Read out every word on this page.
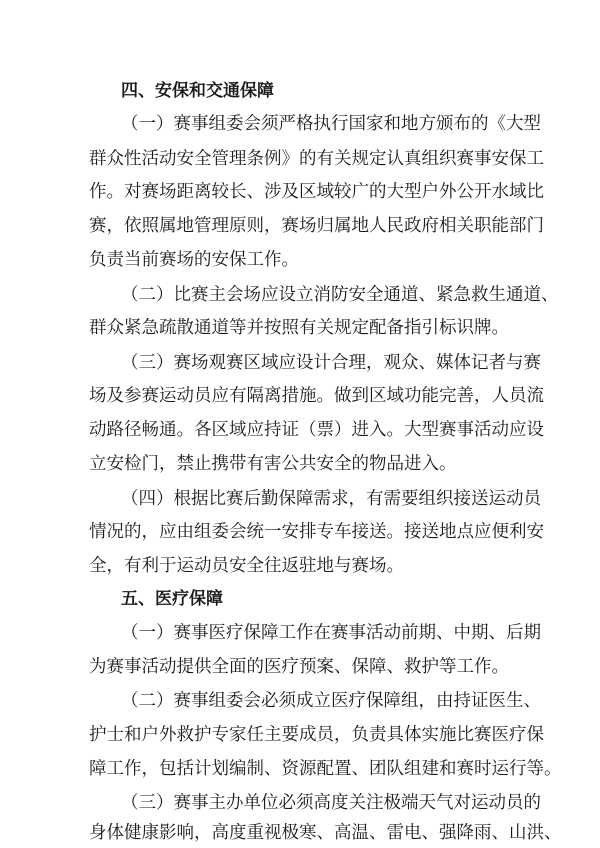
四、安保和交通保障
（一）赛事组委会须严格执行国家和地方颁布的《大型
群众性活动安全管理条例》的有关规定认真组织赛事安保工
作。对赛场距离较长、涉及区域较广的大型户外公开水域比
赛，依照属地管理原则，赛场归属地人民政府相关职能部门
负责当前赛场的安保工作。
（二）比赛主会场应设立消防安全通道、紧急救生通道、
群众紧急疏散通道等并按照有关规定配备指引标识牌。
（三）赛场观赛区域应设计合理，观众、媒体记者与赛
场及参赛运动员应有隔离措施。做到区域功能完善，人员流
动路径畅通。各区域应持证（票）进入。大型赛事活动应设
立安检门，禁止携带有害公共安全的物品进入。
（四）根据比赛后勤保障需求，有需要组织接送运动员
情况的，应由组委会统一安排专车接送。接送地点应便利安
全，有利于运动员安全往返驻地与赛场。
五、医疗保障
（一）赛事医疗保障工作在赛事活动前期、中期、后期
为赛事活动提供全面的医疗预案、保障、救护等工作。
（二）赛事组委会必须成立医疗保障组，由持证医生、
护士和户外救护专家任主要成员，负责具体实施比赛医疗保
障工作，包括计划编制、资源配置、团队组建和赛时运行等。
（三）赛事主办单位必须高度关注极端天气对运动员的
身体健康影响，高度重视极寒、高温、雷电、强降雨、山洪、
